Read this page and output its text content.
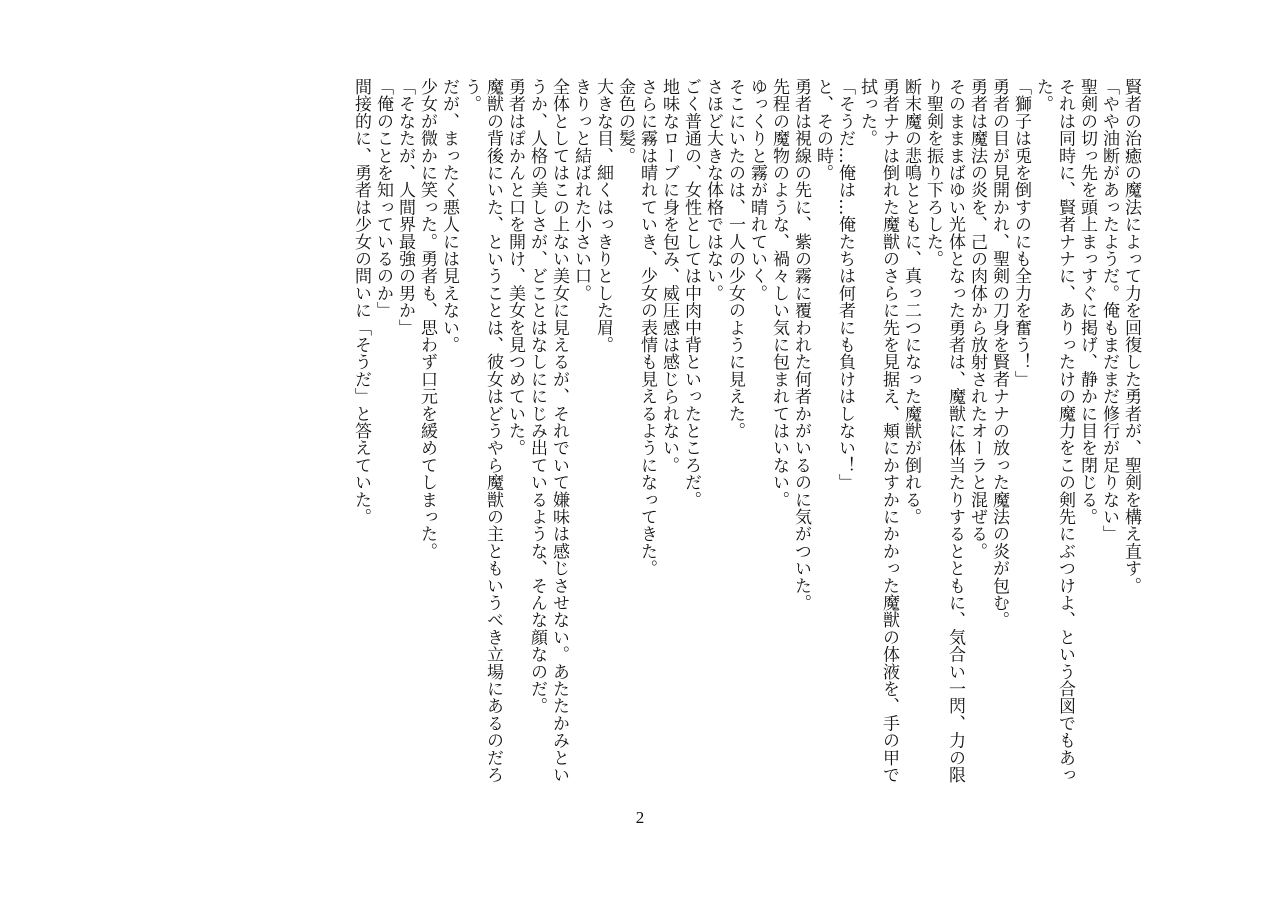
賢者の治癒の魔法によって力を回復した勇者が、聖剣を構え直す。
「やや油断があったようだ。俺もまだまだ修行が足りない」
聖剣の切っ先を頭上まっすぐに掲げ、静かに目を閉じる。
それは同時に、賢者ナナに、ありったけの魔力をこの剣先にぶつけよ、という合図でもあった。
「獅子は兎を倒すのにも全力を奮う！」
勇者の目が見開かれ、聖剣の刀身を賢者ナナの放った魔法の炎が包む。
勇者は魔法の炎を、己の肉体から放射されたオーラと混ぜる。
そのまままばゆい光体となった勇者は、魔獣に体当たりするとともに、気合い一閃、力の限り聖剣を振り下ろした。
断末魔の悲鳴とともに、真っ二つになった魔獣が倒れる。
勇者ナナは倒れた魔獣のさらに先を見据え、頬にかすかにかかった魔獣の体液を、手の甲で拭った。
「そうだ…俺は…俺たちは何者にも負けはしない！」
と、その時。
勇者は視線の先に、紫の霧に覆われた何者かがいるのに気がついた。
先程の魔物のような、禍々しい気に包まれてはいない。
ゆっくりと霧が晴れていく。
そこにいたのは、一人の少女のように見えた。
さほど大きな体格ではない。
ごく普通の、女性としては中肉中背といったところだ。
地味なローブに身を包み、威圧感は感じられない。
さらに霧は晴れていき、少女の表情も見えるようになってきた。
金色の髪。
大きな目、細くはっきりとした眉。
きりっと結ばれた小さい口。
全体としてはこの上ない美女に見えるが、それでいて嫌味は感じさせない。あたたかみというか、人格の美しさが、どことはなしににじみ出ているような、そんな顔なのだ。
勇者はぽかんと口を開け、美女を見つめていた。
魔獣の背後にいた、ということは、彼女はどうやら魔獣の主ともいうべき立場にあるのだろう。
だが、まったく悪人には見えない。
少女が微かに笑った。勇者も、思わず口元を緩めてしまった。
「そなたが、人間界最強の男か」
「俺のことを知っているのか」
間接的に、勇者は少女の問いに「そうだ」と答えていた。
2
